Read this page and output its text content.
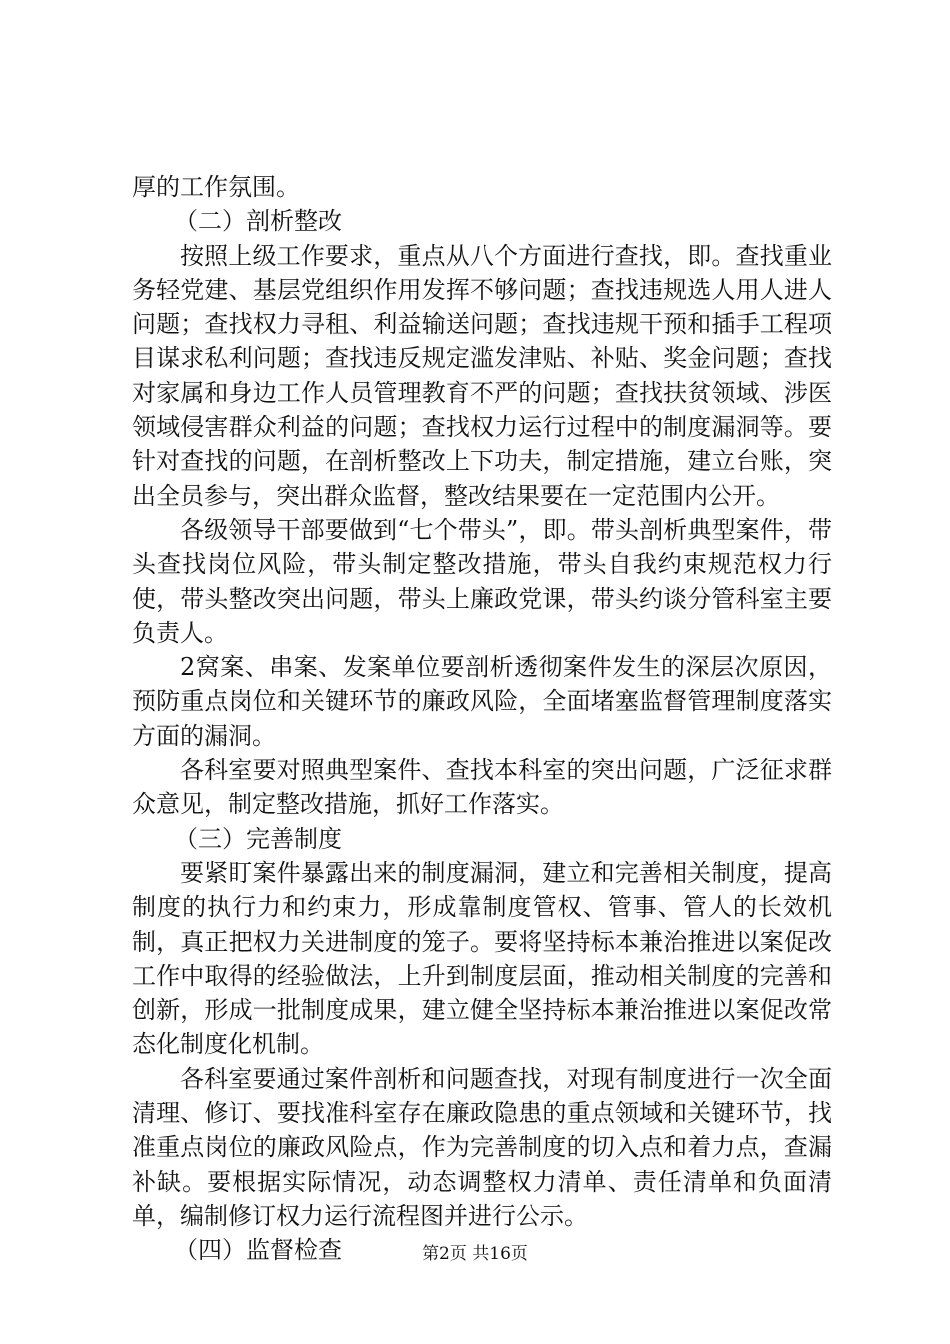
厚的工作氛围。

（二）剖析整改

按照上级工作要求，重点从八个方面进行查找，即。查找重业务轻党建、基层党组织作用发挥不够问题；查找违规选人用人进人问题；查找权力寻租、利益输送问题；查找违规干预和插手工程项目谋求私利问题；查找违反规定滥发津贴、补贴、奖金问题；查找对家属和身边工作人员管理教育不严的问题；查找扶贫领域、涉医领域侵害群众利益的问题；查找权力运行过程中的制度漏洞等。要针对查找的问题，在剖析整改上下功夫，制定措施，建立台账，突出全员参与，突出群众监督，整改结果要在一定范围内公开。

各级领导干部要做到“七个带头”，即。带头剖析典型案件，带头查找岗位风险，带头制定整改措施，带头自我约束规范权力行使，带头整改突出问题，带头上廉政党课，带头约谈分管科室主要负责人。

2窝案、串案、发案单位要剖析透彻案件发生的深层次原因，预防重点岗位和关键环节的廉政风险，全面堵塞监督管理制度落实方面的漏洞。

各科室要对照典型案件、查找本科室的突出问题，广泛征求群众意见，制定整改措施，抓好工作落实。

（三）完善制度

要紧盯案件暴露出来的制度漏洞，建立和完善相关制度，提高制度的执行力和约束力，形成靠制度管权、管事、管人的长效机制，真正把权力关进制度的笼子。要将坚持标本兼治推进以案促改工作中取得的经验做法，上升到制度层面，推动相关制度的完善和创新，形成一批制度成果，建立健全坚持标本兼治推进以案促改常态化制度化机制。

各科室要通过案件剖析和问题查找，对现有制度进行一次全面清理、修订、要找准科室存在廉政隐患的重点领域和关键环节，找准重点岗位的廉政风险点，作为完善制度的切入点和着力点，查漏补缺。要根据实际情况，动态调整权力清单、责任清单和负面清单，编制修订权力运行流程图并进行公示。

（四）监督检查	第2页 共16页
